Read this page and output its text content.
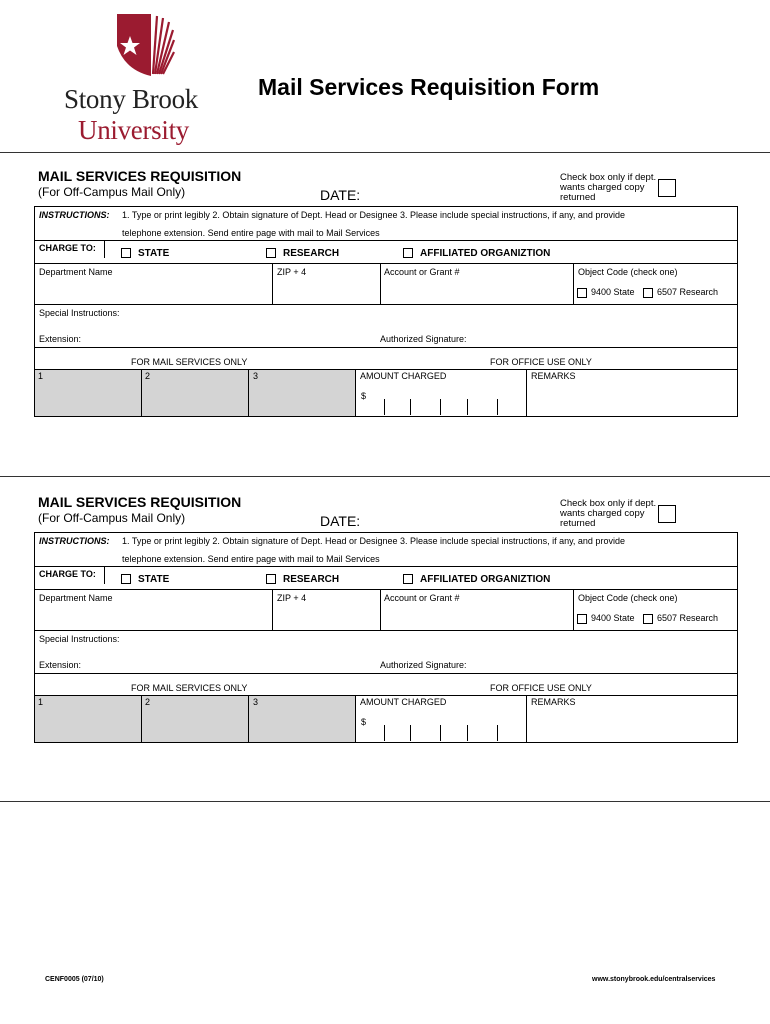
Stony Brook
University
Mail Services Requisition Form
MAIL SERVICES REQUISITION
(For Off-Campus Mail Only)	DATE:
Check box only if dept. wants charged copy returned
INSTRUCTIONS: 1. Type or print legibly 2. Obtain signature of Dept. Head or Designee 3. Please include special instructions, if any, and provide
telephone extension. Send entire page with mail to Mail Services
CHARGE TO:	STATE	RESEARCH	AFFILIATED ORGANIZTION
Department Name	ZIP + 4	Account or Grant #	Object Code (check one)
9400 State 6507 Research
Special Instructions:
Extension:	Authorized Signature:
FOR MAIL SERVICES ONLY	FOR OFFICE USE ONLY
1	2	3	AMOUNT CHARGED
$
REMARKS
MAIL SERVICES REQUISITION
(For Off-Campus Mail Only)	DATE:
Check box only if dept. wants charged copy returned
INSTRUCTIONS: 1. Type or print legibly 2. Obtain signature of Dept. Head or Designee 3. Please include special instructions, if any, and provide
telephone extension. Send entire page with mail to Mail Services
CHARGE TO:	STATE	RESEARCH	AFFILIATED ORGANIZTION
Department Name	ZIP + 4	Account or Grant #	Object Code (check one)
9400 State 6507 Research
Special Instructions:
Extension:	Authorized Signature:
FOR MAIL SERVICES ONLY	FOR OFFICE USE ONLY
1	2	3	AMOUNT CHARGED
$
REMARKS
CENF0005 (07/10)	www.stonybrook.edu/centralservices
